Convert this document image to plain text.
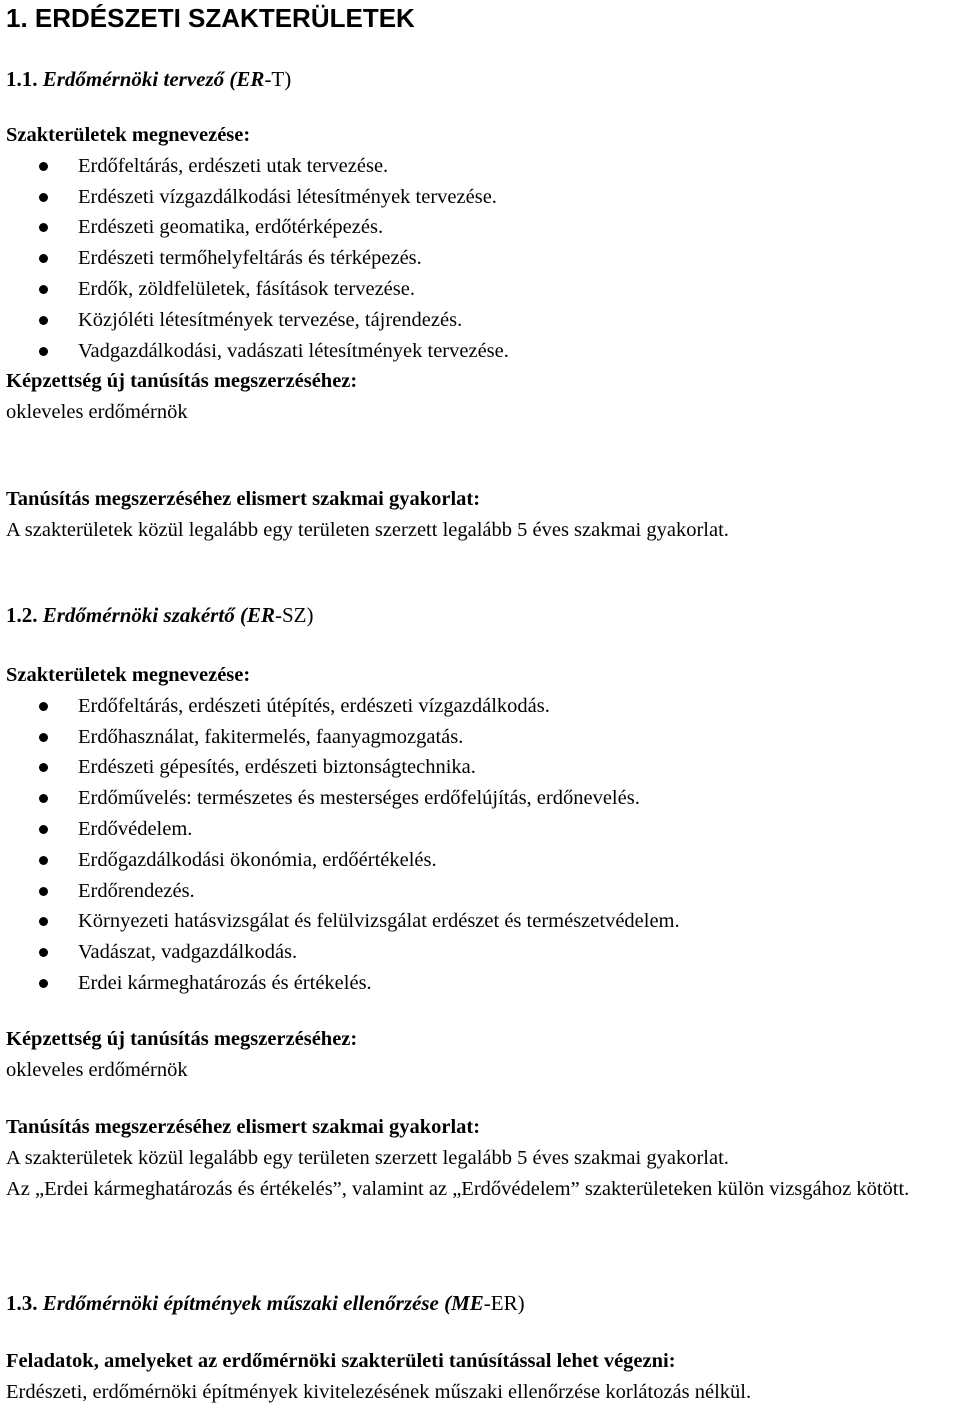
1. ERDÉSZETI SZAKTERÜLETEK
1.1. Erdőmérnöki tervező (ER-T)

Szakterületek megnevezése:

Erdőfeltárás, erdészeti utak tervezése.
Erdészeti vízgazdálkodási létesítmények tervezése.
Erdészeti geomatika, erdőtérképezés.
Erdészeti termőhelyfeltárás és térképezés.
Erdők, zöldfelületek, fásítások tervezése.
Közjóléti létesítmények tervezése, tájrendezés.
Vadgazdálkodási, vadászati létesítmények tervezése.

Képzettség új tanúsítás megszerzéséhez:

okleveles erdőmérnök

Tanúsítás megszerzéséhez elismert szakmai gyakorlat:

A szakterületek közül legalább egy területen szerzett legalább 5 éves szakmai gyakorlat.

1.2. Erdőmérnöki szakértő (ER-SZ)

Szakterületek megnevezése:

Erdőfeltárás, erdészeti útépítés, erdészeti vízgazdálkodás.
Erdőhasználat, fakitermelés, faanyagmozgatás.
Erdészeti gépesítés, erdészeti biztonságtechnika.
Erdőművelés: természetes és mesterséges erdőfelújítás, erdőnevelés.
Erdővédelem.
Erdőgazdálkodási ökonómia, erdőértékelés.
Erdőrendezés.
Környezeti hatásvizsgálat és felülvizsgálat erdészet és természetvédelem.
Vadászat, vadgazdálkodás.
Erdei kármeghatározás és értékelés.

Képzettség új tanúsítás megszerzéséhez:

okleveles erdőmérnök

Tanúsítás megszerzéséhez elismert szakmai gyakorlat:

A szakterületek közül legalább egy területen szerzett legalább 5 éves szakmai gyakorlat.

Az „Erdei kármeghatározás és értékelés”, valamint az „Erdővédelem” szakterületeken külön vizsgához kötött.

1.3. Erdőmérnöki építmények műszaki ellenőrzése (ME-ER)

Feladatok, amelyeket az erdőmérnöki szakterületi tanúsítással lehet végezni:

Erdészeti, erdőmérnöki építmények kivitelezésének műszaki ellenőrzése korlátozás nélkül.
